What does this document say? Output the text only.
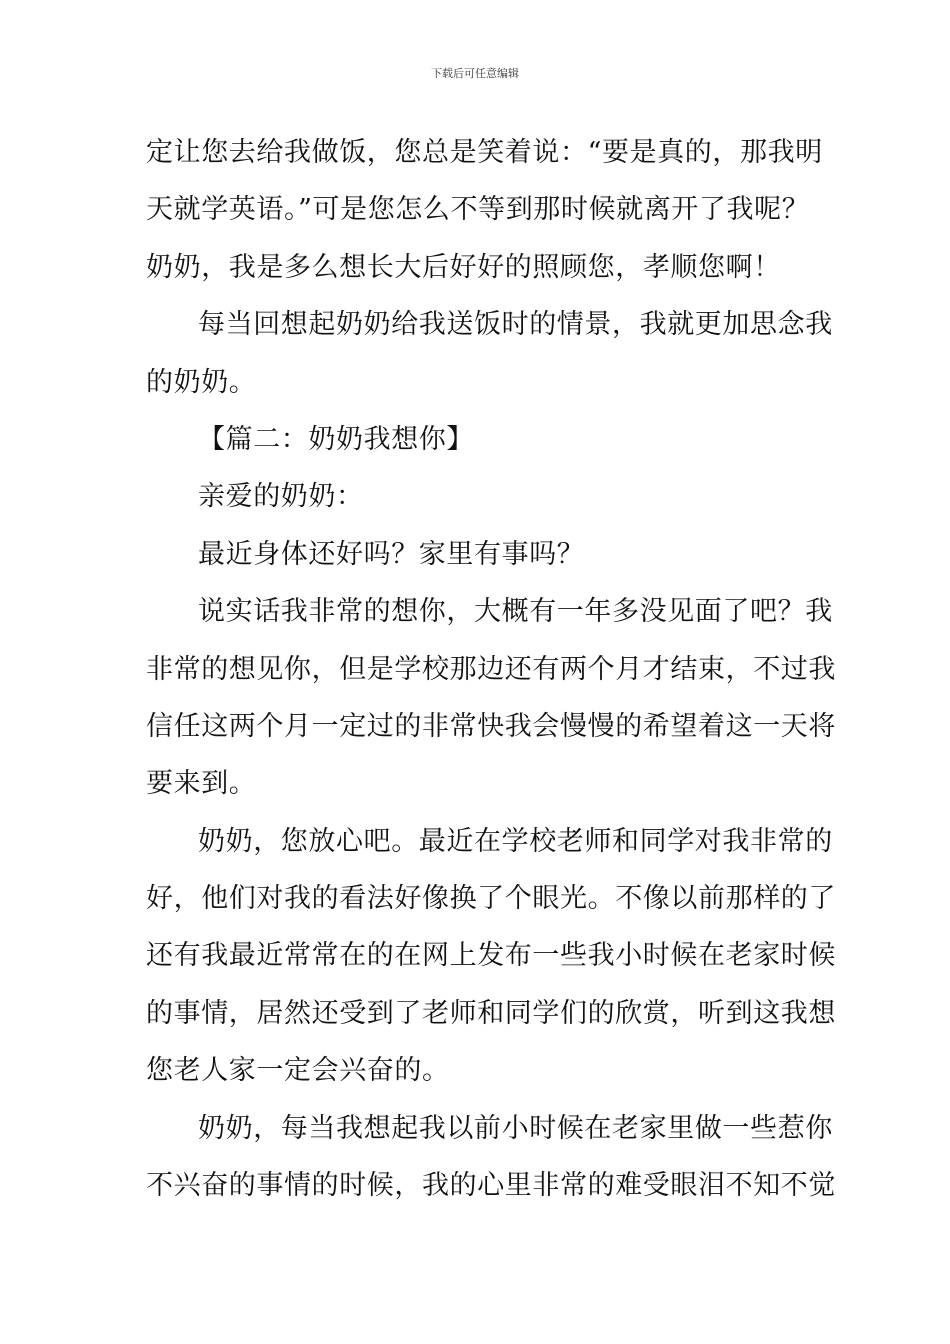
下载后可任意编辑
定让您去给我做饭，您总是笑着说：“要是真的，那我明
天就学英语。”可是您怎么不等到那时候就离开了我呢？
奶奶，我是多么想长大后好好的照顾您，孝顺您啊！
每当回想起奶奶给我送饭时的情景，我就更加思念我
的奶奶。
【篇二：奶奶我想你】
亲爱的奶奶：
最近身体还好吗？家里有事吗？
说实话我非常的想你，大概有一年多没见面了吧？我
非常的想见你，但是学校那边还有两个月才结束，不过我
信任这两个月一定过的非常快我会慢慢的希望着这一天将
要来到。
奶奶，您放心吧。最近在学校老师和同学对我非常的
好，他们对我的看法好像换了个眼光。不像以前那样的了
还有我最近常常在的在网上发布一些我小时候在老家时候
的事情，居然还受到了老师和同学们的欣赏，听到这我想
您老人家一定会兴奋的。
奶奶，每当我想起我以前小时候在老家里做一些惹你
不兴奋的事情的时候，我的心里非常的难受眼泪不知不觉
